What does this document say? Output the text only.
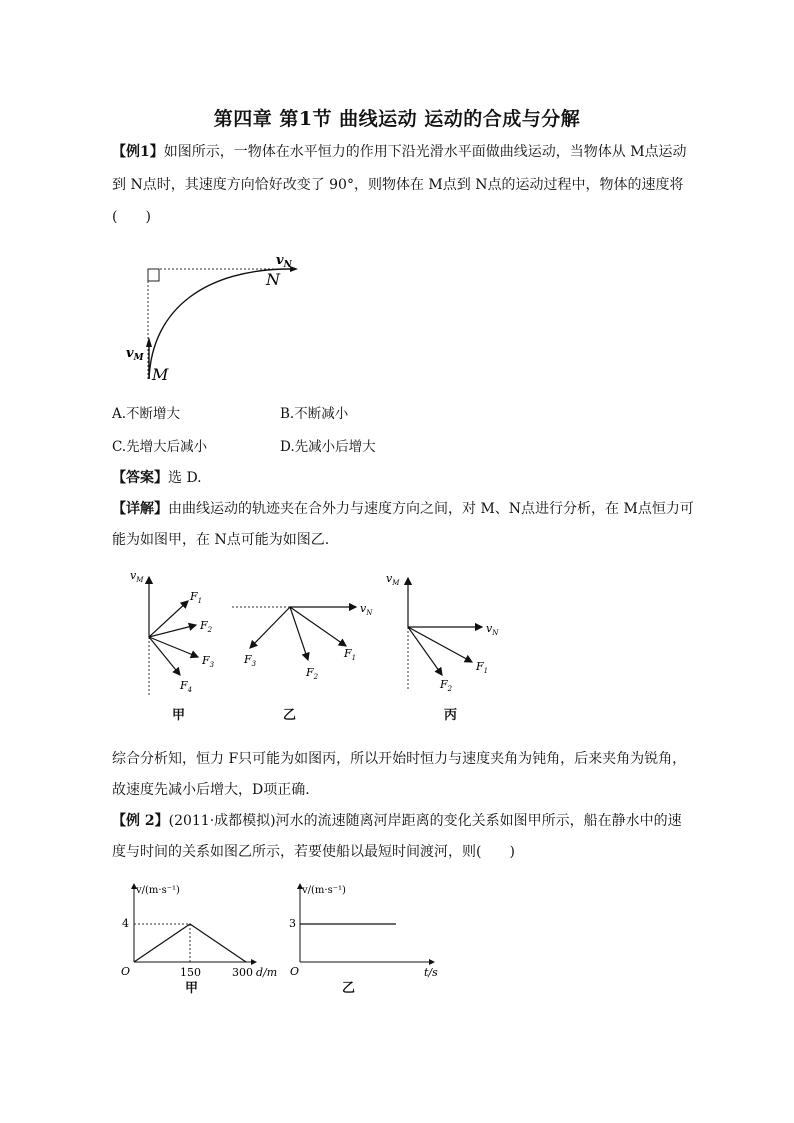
第四章 第1节 曲线运动 运动的合成与分解
【例1】如图所示，一物体在水平恒力的作用下沿光滑水平面做曲线运动，当物体从 M点运动
到 N点时，其速度方向恰好改变了 90°，则物体在 M点到 N点的运动过程中，物体的速度将
(　　)
$v_N$
N
$v_M$
M
A.不断增大	B.不断减小
C.先增大后减小	D.先减小后增大
【答案】选 D.
【详解】由曲线运动的轨迹夹在合外力与速度方向之间，对 M、N点进行分析，在 M点恒力可
能为如图甲，在 N点可能为如图乙.
$v_M$
$F_1$
$F_2$
$F_3$
$F_4$
甲
$v_N$
$F_1$
$F_2$
$F_3$
乙
$v_M$
$v_N$
$F_1$
$F_2$
丙
综合分析知，恒力 F只可能为如图丙，所以开始时恒力与速度夹角为钝角，后来夹角为锐角，
故速度先减小后增大，D项正确.
【例 2】(2011·成都模拟)河水的流速随离河岸距离的变化关系如图甲所示，船在静水中的速
度与时间的关系如图乙所示，若要使船以最短时间渡河，则(　　)
v/(m·s⁻¹)
4
O	150	300 d/m
甲
v/(m·s⁻¹)
3
O	t/s
乙
